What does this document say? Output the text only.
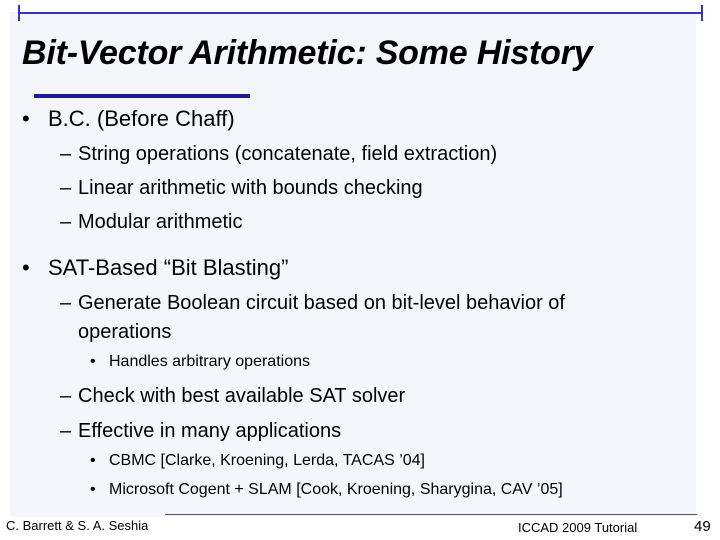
Bit-Vector Arithmetic: Some History
• B.C. (Before Chaff)
– String operations (concatenate, field extraction)
– Linear arithmetic with bounds checking
– Modular arithmetic
• SAT-Based “Bit Blasting”
– Generate Boolean circuit based on bit-level behavior of
operations
• Handles arbitrary operations
– Check with best available SAT solver
– Effective in many applications
• CBMC [Clarke, Kroening, Lerda, TACAS ’04]
• Microsoft Cogent + SLAM [Cook, Kroening, Sharygina, CAV ’05]
C. Barrett & S. A. Seshia	ICCAD 2009 Tutorial	49
